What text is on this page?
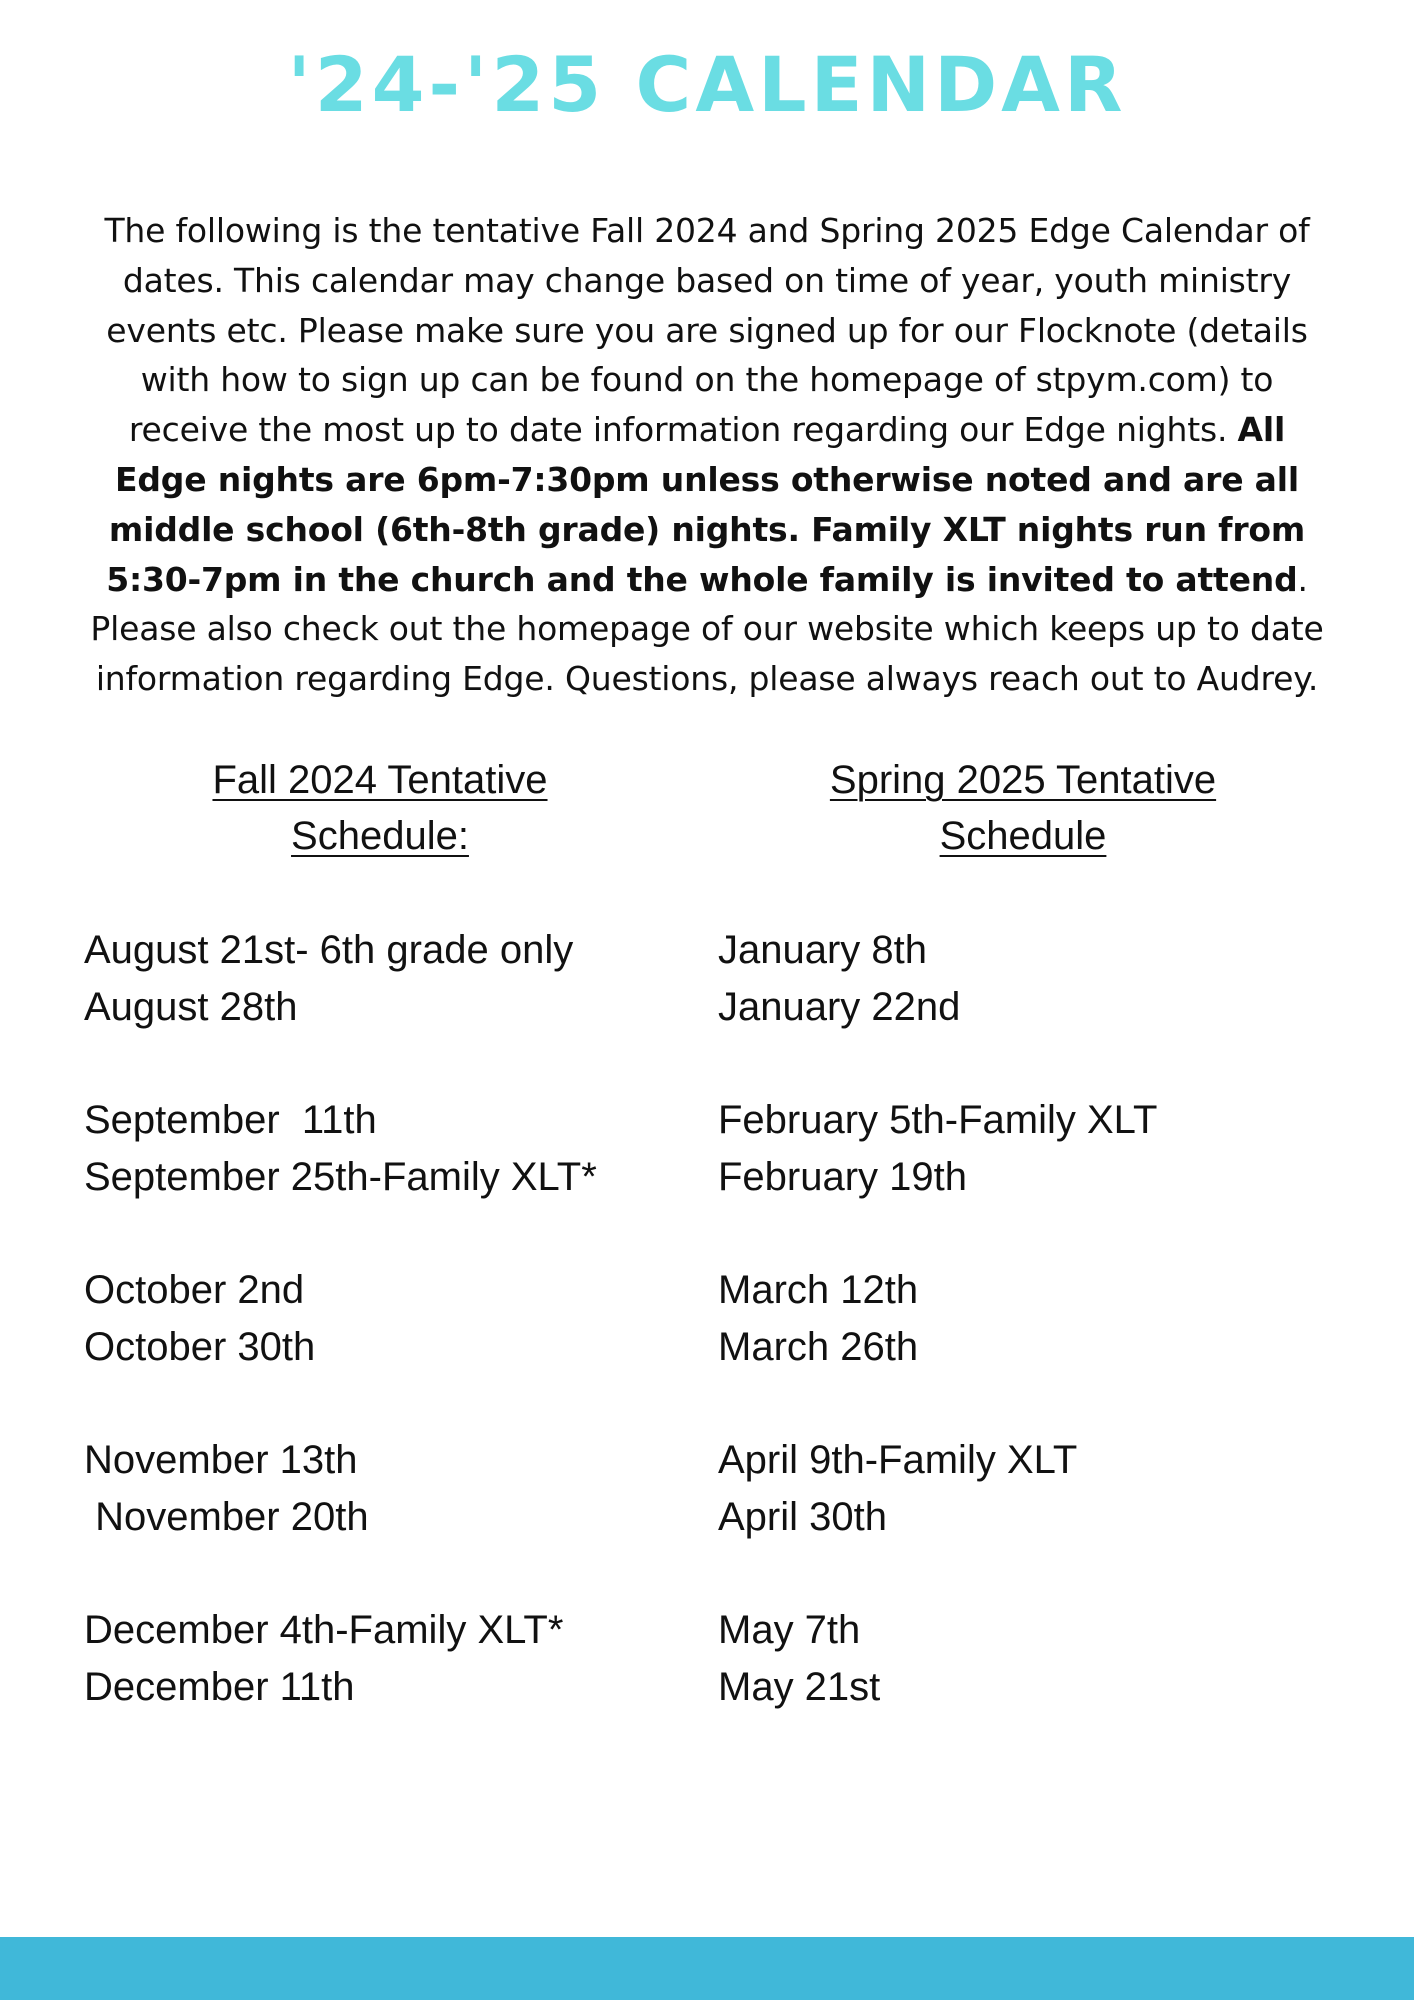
'24-'25 CALENDAR

The following is the tentative Fall 2024 and Spring 2025 Edge Calendar of dates. This calendar may change based on time of year, youth ministry events etc. Please make sure you are signed up for our Flocknote (details with how to sign up can be found on the homepage of stpym.com) to receive the most up to date information regarding our Edge nights. All Edge nights are 6pm-7:30pm unless otherwise noted and are all middle school (6th-8th grade) nights. Family XLT nights run from 5:30-7pm in the church and the whole family is invited to attend. Please also check out the homepage of our website which keeps up to date information regarding Edge. Questions, please always reach out to Audrey.

Fall 2024 Tentative
Schedule:
Spring 2025 Tentative
Schedule
August 21st- 6th grade only
August 28th
September  11th
September 25th-Family XLT*
October 2nd
October 30th
November 13th
November 20th
December 4th-Family XLT*
December 11th
January 8th
January 22nd
February 5th-Family XLT
February 19th
March 12th
March 26th
April 9th-Family XLT
April 30th
May 7th
May 21st
